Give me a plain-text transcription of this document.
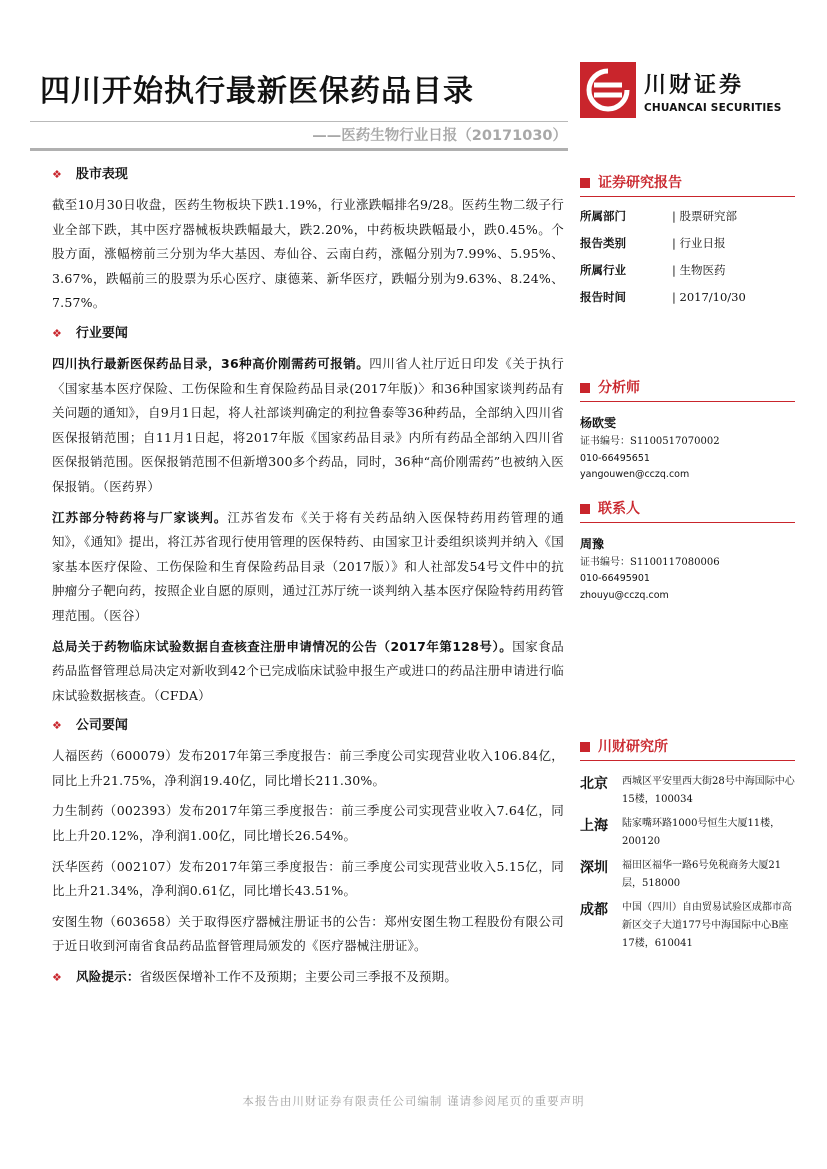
四川开始执行最新医保药品目录	川财证券
CHUANCAI SECURITIES
——医药生物行业日报（20171030）
❖ 股市表现

截至10月30日收盘，医药生物板块下跌1.19%，行业涨跌幅排名9/28。医药生物二级子行业全部下跌，其中医疗器械板块跌幅最大，跌2.20%，中药板块跌幅最小，跌0.45%。个股方面，涨幅榜前三分别为华大基因、寿仙谷、云南白药，涨幅分别为7.99%、5.95%、3.67%，跌幅前三的股票为乐心医疗、康德莱、新华医疗，跌幅分别为9.63%、8.24%、7.57%。

❖ 行业要闻

四川执行最新医保药品目录，36种高价刚需药可报销。四川省人社厅近日印发《关于执行〈国家基本医疗保险、工伤保险和生育保险药品目录(2017年版)〉和36种国家谈判药品有关问题的通知》，自9月1日起，将人社部谈判确定的利拉鲁泰等36种药品，全部纳入四川省医保报销范围；自11月1日起，将2017年版《国家药品目录》内所有药品全部纳入四川省医保报销范围。医保报销范围不但新增300多个药品，同时，36种“高价刚需药”也被纳入医保报销。（医药界）

江苏部分特药将与厂家谈判。江苏省发布《关于将有关药品纳入医保特药用药管理的通知》，《通知》提出，将江苏省现行使用管理的医保特药、由国家卫计委组织谈判并纳入《国家基本医疗保险、工伤保险和生育保险药品目录（2017版）》和人社部发54号文件中的抗肿瘤分子靶向药，按照企业自愿的原则，通过江苏厅统一谈判纳入基本医疗保险特药用药管理范围。（医谷）

总局关于药物临床试验数据自查核查注册申请情况的公告（2017年第128号）。国家食品药品监督管理总局决定对新收到42个已完成临床试验申报生产或进口的药品注册申请进行临床试验数据核查。（CFDA）

❖ 公司要闻

人福医药（600079）发布2017年第三季度报告：前三季度公司实现营业收入106.84亿，同比上升21.75%，净利润19.40亿，同比增长211.30%。

力生制药（002393）发布2017年第三季度报告：前三季度公司实现营业收入7.64亿，同比上升20.12%，净利润1.00亿，同比增长26.54%。

沃华医药（002107）发布2017年第三季度报告：前三季度公司实现营业收入5.15亿，同比上升21.34%，净利润0.61亿，同比增长43.51%。

安图生物（603658）关于取得医疗器械注册证书的公告：郑州安图生物工程股份有限公司于近日收到河南省食品药品监督管理局颁发的《医疗器械注册证》。

❖ 风险提示：省级医保增补工作不及预期；主要公司三季报不及预期。

证券研究报告
所属部门	| 股票研究部
报告类别	| 行业日报
所属行业	| 生物医药
报告时间	| 2017/10/30
分析师
杨欧雯
证书编号：S1100517070002
010-66495651
yangouwen@cczq.com
联系人
周豫
证书编号：S1100117080006
010-66495901
zhouyu@cczq.com
川财研究所
北京 西城区平安里西大街28号中海国际中心15楼，100034
上海 陆家嘴环路1000号恒生大厦11楼，200120
深圳 福田区福华一路6号免税商务大厦21层，518000
成都 中国（四川）自由贸易试验区成都市高新区交子大道177号中海国际中心B座17楼，610041
本报告由川财证券有限责任公司编制 谨请参阅尾页的重要声明
